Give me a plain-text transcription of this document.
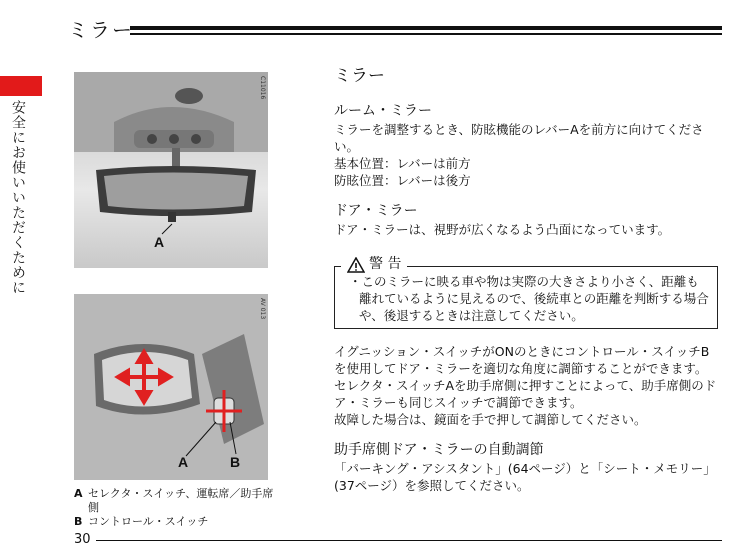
ミラー
安全にお使いいただくために
C11016
A
AV 013
A	B
A セレクタ・スイッチ、運転席／助手席側
B コントロール・スイッチ
30
ミラー
ルーム・ミラー

ミラーを調整するとき、防眩機能のレバーAを前方に向けてください。

基本位置：レバーは前方

防眩位置：レバーは後方

ドア・ミラー

ドア・ミラーは、視野が広くなるよう凸面になっています。

警 告

・このミラーに映る車や物は実際の大きさより小さく、距離も離れているように見えるので、後続車との距離を判断する場合や、後退するときは注意してください。

イグニッション・スイッチがONのときにコントロール・スイッチBを使用してドア・ミラーを適切な角度に調節することができます。

セレクタ・スイッチAを助手席側に押すことによって、助手席側のドア・ミラーも同じスイッチで調節できます。

故障した場合は、鏡面を手で押して調節してください。

助手席側ドア・ミラーの自動調節

「パーキング・アシスタント」(64ページ）と「シート・メモリー」(37ページ）を参照してください。
